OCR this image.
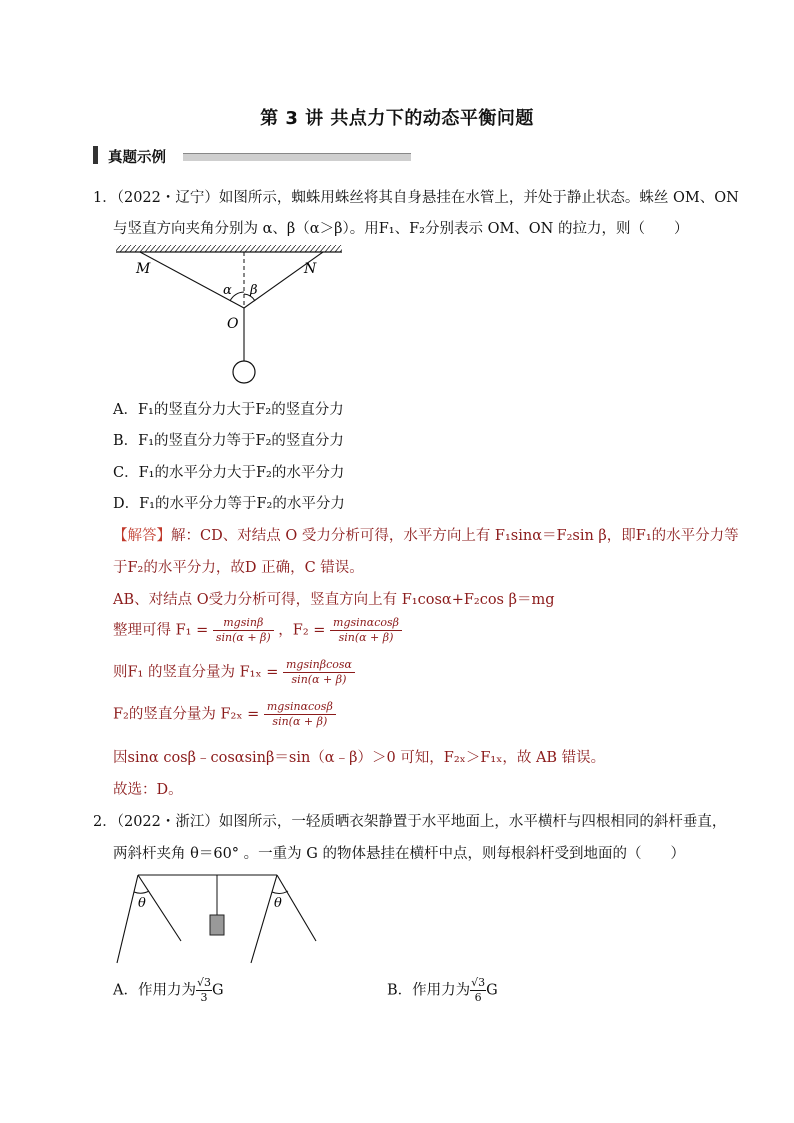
第 3 讲 共点力下的动态平衡问题
真题示例
1．（2022・辽宁）如图所示，蜘蛛用蛛丝将其自身悬挂在水管上，并处于静止状态。蛛丝 OM、ON
与竖直方向夹角分别为 α、β（α＞β）。用F₁、F₂分别表示 OM、ON 的拉力，则（　　）
M	N
α β
O
A．F₁的竖直分力大于F₂的竖直分力
B．F₁的竖直分力等于F₂的竖直分力
C．F₁的水平分力大于F₂的水平分力
D．F₁的水平分力等于F₂的水平分力
【解答】解：CD、对结点 O 受力分析可得，水平方向上有 F₁sinα＝F₂sin β，即F₁的水平分力等
于F₂的水平分力，故D 正确，C 错误。
AB、对结点 O受力分析可得，竖直方向上有 F₁cosα+F₂cos β＝mg
整理可得 $F_1 = \frac{mgsin\beta}{\sin(\alpha + \beta)}$ ，$F_2 = \frac{mgsin\alpha\cos\beta}{\sin(\alpha + \beta)}$
则F₁ 的竖直分量为 $F_{1x} = \frac{mgsin\beta\cos\alpha}{\sin(\alpha + \beta)}$
F₂的竖直分量为 $F_{2x} = \frac{mgsin\alpha\cos\beta}{\sin(\alpha + \beta)}$
因sinα cosβ﹣cosαsinβ＝sin（α﹣β）＞0 可知，F₂ₓ＞F₁ₓ，故 AB 错误。
故选：D。
2．（2022・浙江）如图所示，一轻质晒衣架静置于水平地面上，水平横杆与四根相同的斜杆垂直，
两斜杆夹角 θ＝60° 。一重为 G 的物体悬挂在横杆中点，则每根斜杆受到地面的（　　）
θ	θ
A．作用力为 $\frac{√3}{3}$ G	B．作用力为 $\frac{√3}{6}$ G
